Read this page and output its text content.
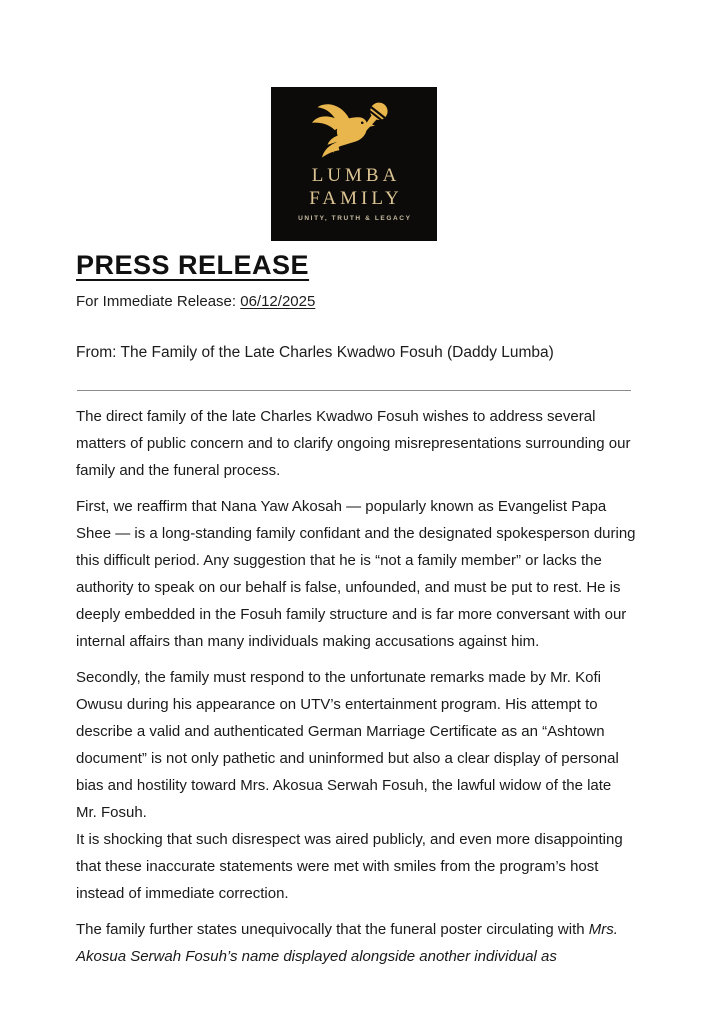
LUMBA
FAMILY
UNITY, TRUTH & LEGACY
PRESS RELEASE
For Immediate Release: 06/12/2025
From: The Family of the Late Charles Kwadwo Fosuh (Daddy Lumba)

The direct family of the late Charles Kwadwo Fosuh wishes to address several matters of public concern and to clarify ongoing misrepresentations surrounding our family and the funeral process.

First, we reaffirm that Nana Yaw Akosah — popularly known as Evangelist Papa Shee — is a long-standing family confidant and the designated spokesperson during this difficult period. Any suggestion that he is “not a family member” or lacks the authority to speak on our behalf is false, unfounded, and must be put to rest. He is deeply embedded in the Fosuh family structure and is far more conversant with our internal affairs than many individuals making accusations against him.

Secondly, the family must respond to the unfortunate remarks made by Mr. Kofi Owusu during his appearance on UTV’s entertainment program. His attempt to describe a valid and authenticated German Marriage Certificate as an “Ashtown document” is not only pathetic and uninformed but also a clear display of personal bias and hostility toward Mrs. Akosua Serwah Fosuh, the lawful widow of the late Mr. Fosuh.
It is shocking that such disrespect was aired publicly, and even more disappointing that these inaccurate statements were met with smiles from the program’s host instead of immediate correction.

The family further states unequivocally that the funeral poster circulating with Mrs. Akosua Serwah Fosuh’s name displayed alongside another individual as
